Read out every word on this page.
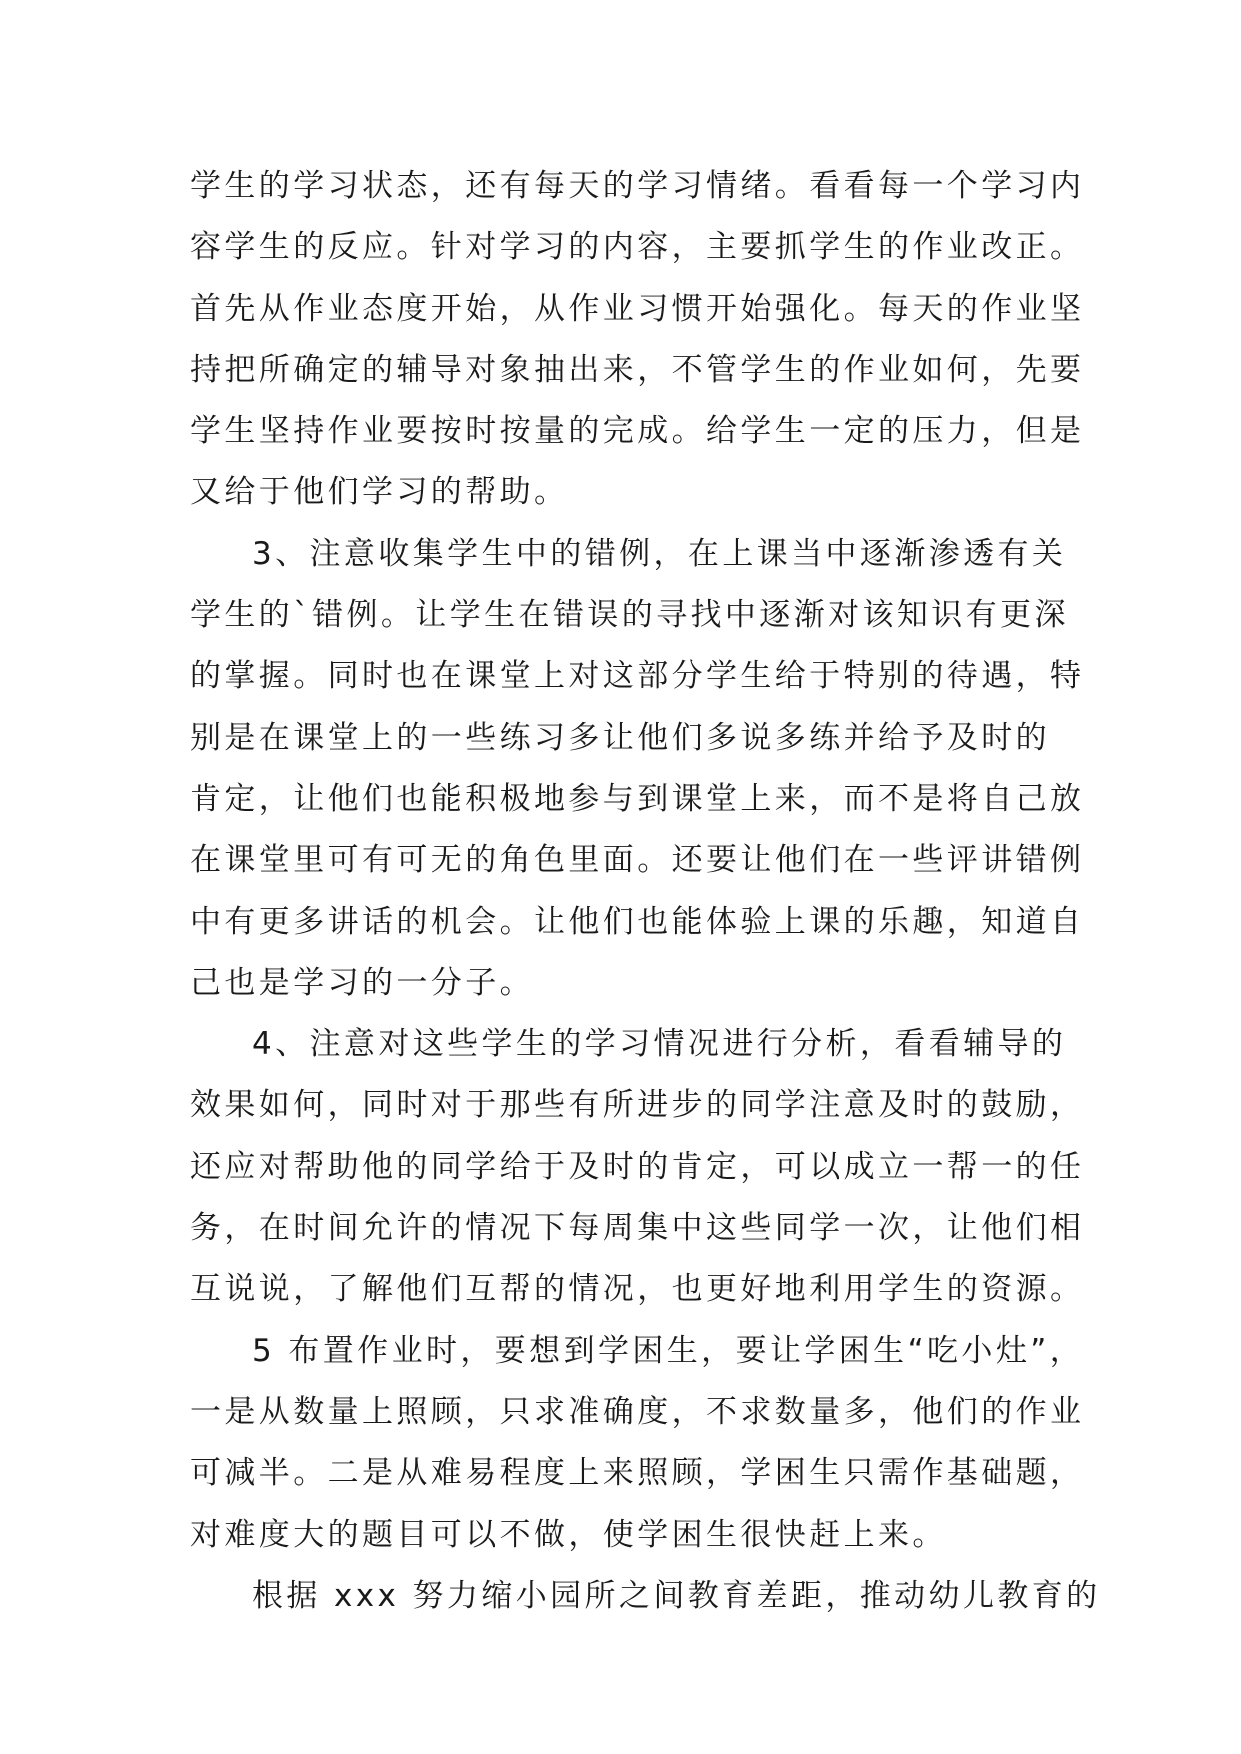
学生的学习状态，还有每天的学习情绪。看看每一个学习内
容学生的反应。针对学习的内容，主要抓学生的作业改正。
首先从作业态度开始，从作业习惯开始强化。每天的作业坚
持把所确定的辅导对象抽出来，不管学生的作业如何，先要
学生坚持作业要按时按量的完成。给学生一定的压力，但是
又给于他们学习的帮助。
3、注意收集学生中的错例，在上课当中逐渐渗透有关
学生的`错例。让学生在错误的寻找中逐渐对该知识有更深
的掌握。同时也在课堂上对这部分学生给于特别的待遇，特
别是在课堂上的一些练习多让他们多说多练并给予及时的
肯定，让他们也能积极地参与到课堂上来，而不是将自己放
在课堂里可有可无的角色里面。还要让他们在一些评讲错例
中有更多讲话的机会。让他们也能体验上课的乐趣，知道自
己也是学习的一分子。
4、注意对这些学生的学习情况进行分析，看看辅导的
效果如何，同时对于那些有所进步的同学注意及时的鼓励，
还应对帮助他的同学给于及时的肯定，可以成立一帮一的任
务，在时间允许的情况下每周集中这些同学一次，让他们相
互说说，了解他们互帮的情况，也更好地利用学生的资源。
5 布置作业时，要想到学困生，要让学困生“吃小灶”，
一是从数量上照顾，只求准确度，不求数量多，他们的作业
可减半。二是从难易程度上来照顾，学困生只需作基础题，
对难度大的题目可以不做，使学困生很快赶上来。
根据 xxx 努力缩小园所之间教育差距，推动幼儿教育的
